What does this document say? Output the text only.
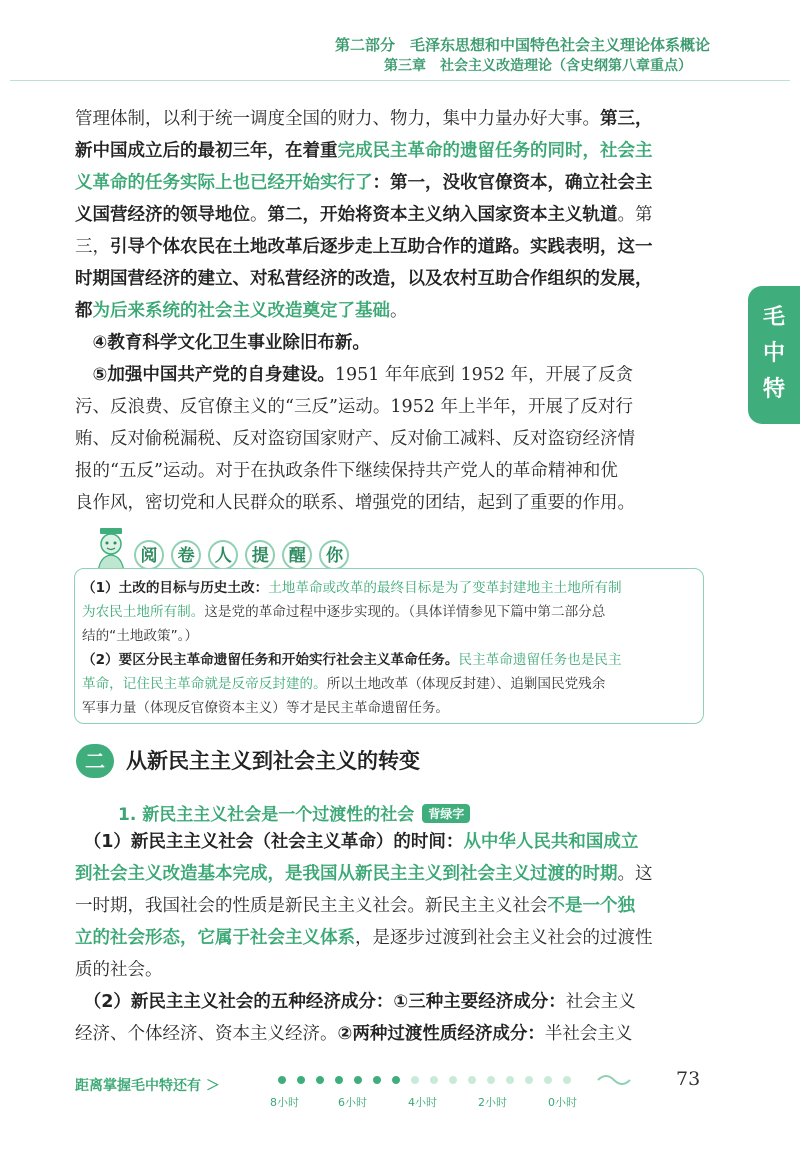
第二部分　毛泽东思想和中国特色社会主义理论体系概论
第三章　社会主义改造理论（含史纲第八章重点）
毛
中
特
管理体制，以利于统一调度全国的财力、物力，集中力量办好大事。第三，
新中国成立后的最初三年，在着重完成民主革命的遗留任务的同时，社会主
义革命的任务实际上也已经开始实行了：第一，没收官僚资本，确立社会主
义国营经济的领导地位。第二，开始将资本主义纳入国家资本主义轨道。第
三，引导个体农民在土地改革后逐步走上互助合作的道路。实践表明，这一
时期国营经济的建立、对私营经济的改造，以及农村互助合作组织的发展，
都为后来系统的社会主义改造奠定了基础。
　④教育科学文化卫生事业除旧布新。
　⑤加强中国共产党的自身建设。1951 年年底到 1952 年，开展了反贪
污、反浪费、反官僚主义的“三反”运动。1952 年上半年，开展了反对行
贿、反对偷税漏税、反对盗窃国家财产、反对偷工减料、反对盗窃经济情
报的“五反”运动。对于在执政条件下继续保持共产党人的革命精神和优
良作风，密切党和人民群众的联系、增强党的团结，起到了重要的作用。
阅 卷 人 提 醒 你
（1）土改的目标与历史土改：土地革命或改革的最终目标是为了变革封建地主土地所有制
为农民土地所有制。这是党的革命过程中逐步实现的。（具体详情参见下篇中第二部分总
结的“土地政策”。）
（2）要区分民主革命遗留任务和开始实行社会主义革命任务。民主革命遗留任务也是民主
革命，记住民主革命就是反帝反封建的。所以土地改革（体现反封建）、追剿国民党残余
军事力量（体现反官僚资本主义）等才是民主革命遗留任务。
二	从新民主主义到社会主义的转变
1. 新民主主义社会是一个过渡性的社会 背绿字
　（1）新民主主义社会（社会主义革命）的时间：从中华人民共和国成立
到社会主义改造基本完成，是我国从新民主主义到社会主义过渡的时期。这
一时期，我国社会的性质是新民主主义社会。新民主主义社会不是一个独
立的社会形态，它属于社会主义体系，是逐步过渡到社会主义社会的过渡性
质的社会。
　（2）新民主主义社会的五种经济成分：①三种主要经济成分：社会主义
经济、个体经济、资本主义经济。②两种过渡性质经济成分：半社会主义
距离掌握毛中特还有 ＞
8小时	6小时	4小时	2小时	0小时
73
